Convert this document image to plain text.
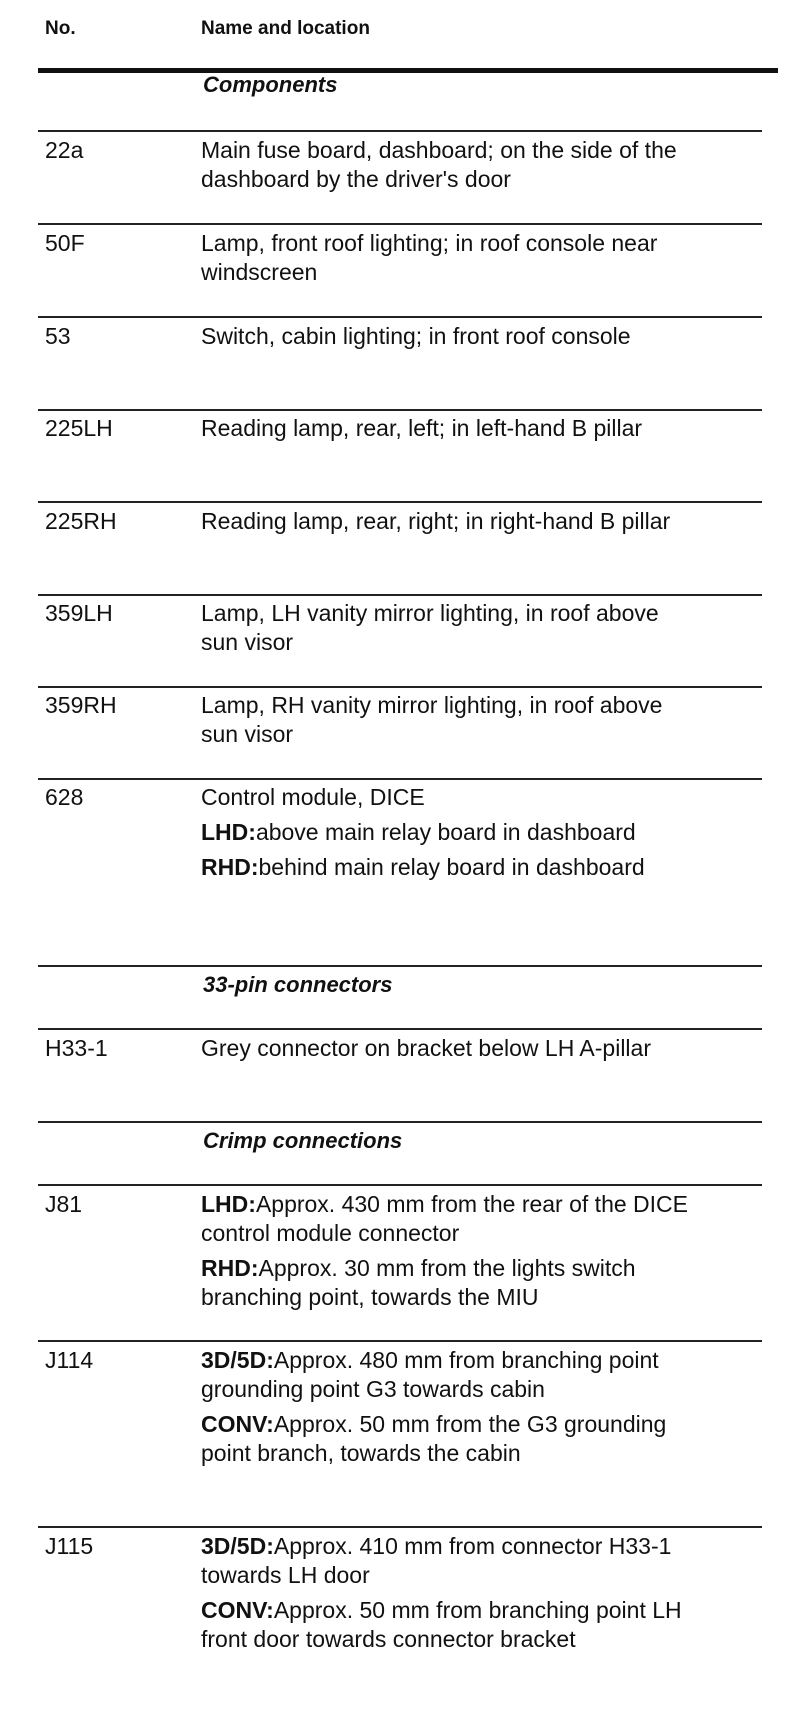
No.	Name and location
Components
22a	Main fuse board, dashboard; on the side of the dashboard by the driver's door
50F	Lamp, front roof lighting; in roof console near windscreen
53	Switch, cabin lighting; in front roof console
225LH	Reading lamp, rear, left; in left-hand B pillar
225RH	Reading lamp, rear, right; in right-hand B pillar
359LH	Lamp, LH vanity mirror lighting, in roof above sun visor
359RH	Lamp, RH vanity mirror lighting, in roof above sun visor
628	Control module, DICE

LHD:above main relay board in dashboard

RHD:behind main relay board in dashboard

33-pin connectors
H33-1	Grey connector on bracket below LH A-pillar
Crimp connections
J81	LHD:Approx. 430 mm from the rear of the DICE control module connector

RHD:Approx. 30 mm from the lights switch branching point, towards the MIU

J114	3D/5D:Approx. 480 mm from branching point grounding point G3 towards cabin

CONV:Approx. 50 mm from the G3 grounding point branch, towards the cabin

J115	3D/5D:Approx. 410 mm from connector H33-1 towards LH door

CONV:Approx. 50 mm from branching point LH front door towards connector bracket
